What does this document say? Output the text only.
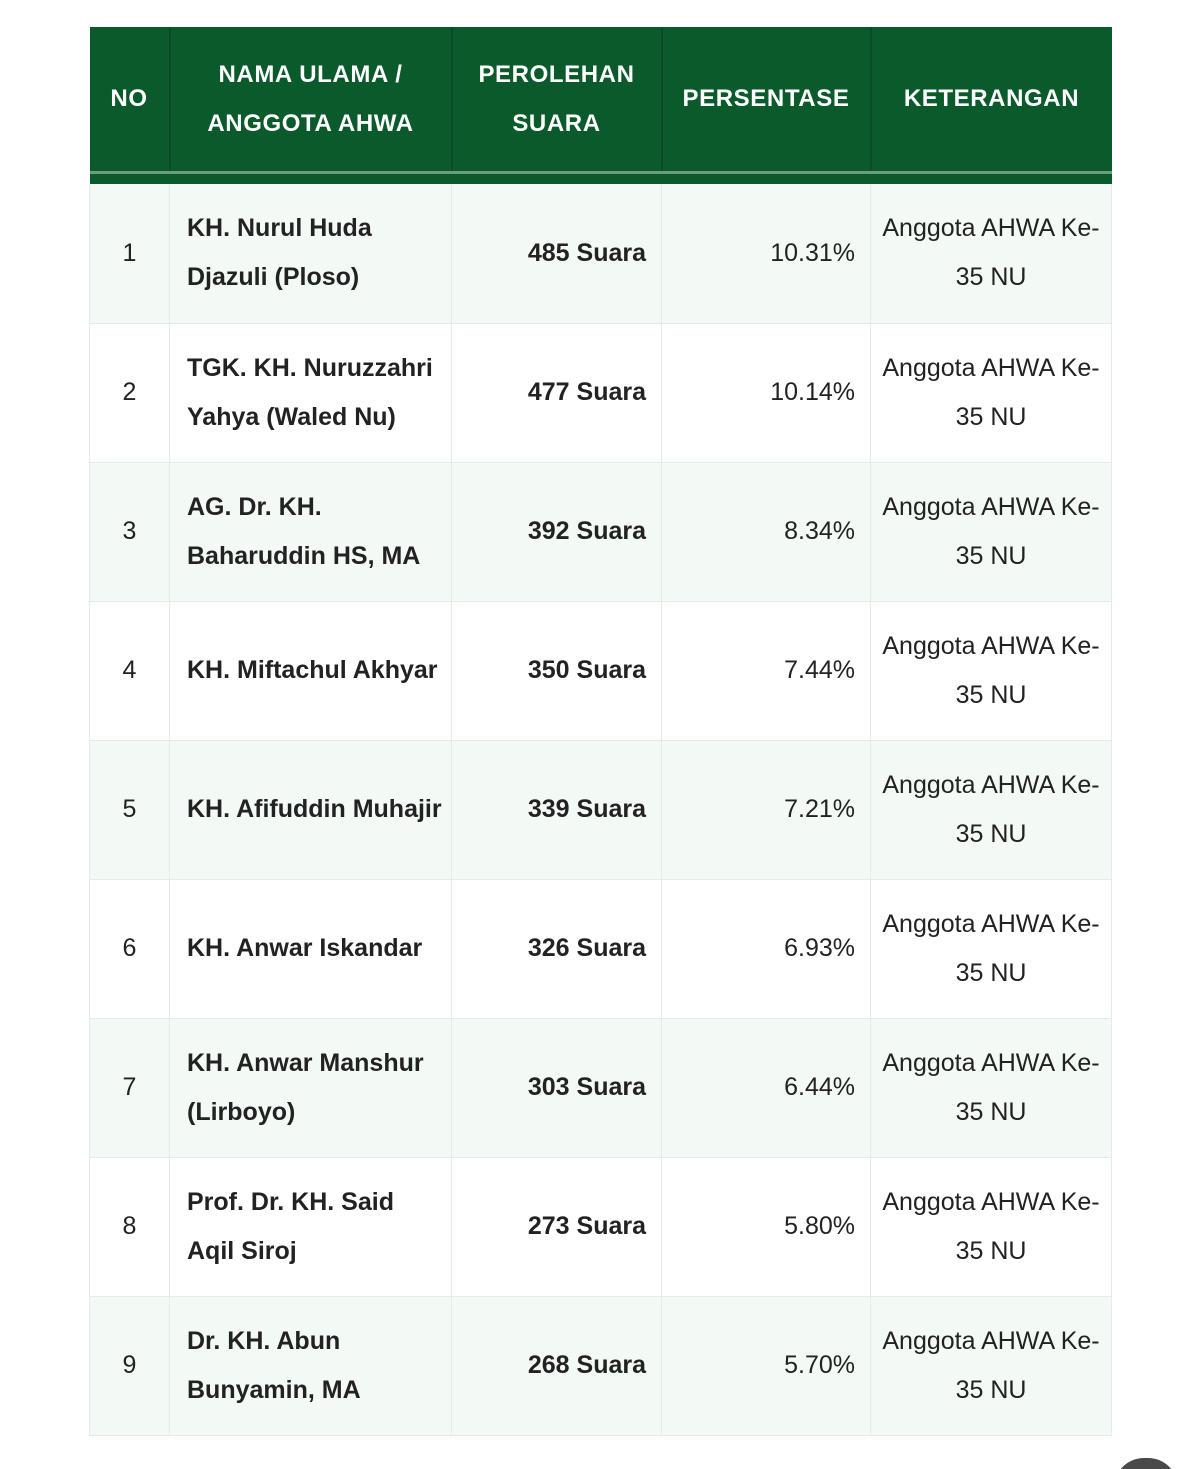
NO	NAMA ULAMA / ANGGOTA AHWA	PEROLEHAN SUARA	PERSENTASE	KETERANGAN

1	KH. Nurul Huda Djazuli (Ploso)	485 Suara	10.31%	Anggota AHWA Ke-35 NU
2	TGK. KH. Nuruzzahri Yahya (Waled Nu)	477 Suara	10.14%	Anggota AHWA Ke-35 NU
3	AG. Dr. KH. Baharuddin HS, MA	392 Suara	8.34%	Anggota AHWA Ke-35 NU
4	KH. Miftachul Akhyar	350 Suara	7.44%	Anggota AHWA Ke-35 NU
5	KH. Afifuddin Muhajir	339 Suara	7.21%	Anggota AHWA Ke-35 NU
6	KH. Anwar Iskandar	326 Suara	6.93%	Anggota AHWA Ke-35 NU
7	KH. Anwar Manshur (Lirboyo)	303 Suara	6.44%	Anggota AHWA Ke-35 NU
8	Prof. Dr. KH. Said Aqil Siroj	273 Suara	5.80%	Anggota AHWA Ke-35 NU
9	Dr. KH. Abun Bunyamin, MA	268 Suara	5.70%	Anggota AHWA Ke-35 NU
